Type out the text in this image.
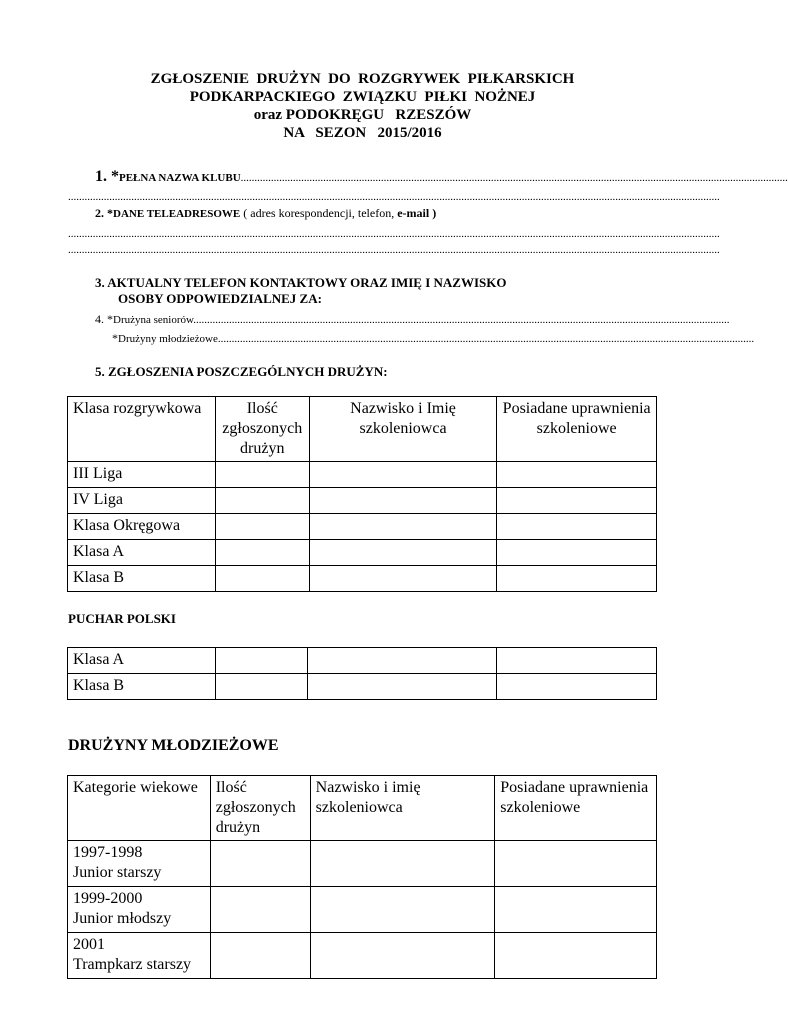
ZGŁOSZENIE  DRUŻYN  DO  ROZGRYWEK  PIŁKARSKICH
PODKARPACKIEGO  ZWIĄZKU  PIŁKI  NOŻNEJ
oraz PODOKRĘGU   RZESZÓW
NA   SEZON   2015/2016
1. *PEŁNA NAZWA KLUBU.......................................................................................................................................................................................................
.............................................................................................................................................................................................................................................
2. *DANE TELEADRESOWE ( adres korespondencji, telefon, e-mail )
.............................................................................................................................................................................................................................................
.............................................................................................................................................................................................................................................
3. AKTUALNY TELEFON KONTAKTOWY ORAZ IMIĘ I NAZWISKO
OSOBY ODPOWIEDZIALNEJ ZA:
4. *Drużyna seniorów...................................................................................................................................................................................................
*Drużyny młodzieżowe...................................................................................................................................................................................................
5. ZGŁOSZENIA POSZCZEGÓLNYCH DRUŻYN:
Klasa rozgrywkowa	Ilość zgłoszonych drużyn	Nazwisko i Imię szkoleniowca	Posiadane uprawnienia szkoleniowe
III Liga			
IV Liga			
Klasa Okręgowa			
Klasa A			
Klasa B			
PUCHAR POLSKI
Klasa A			
Klasa B			
DRUŻYNY MŁODZIEŻOWE
Kategorie wiekowe	Ilość zgłoszonych drużyn	Nazwisko i imię szkoleniowca	Posiadane uprawnienia szkoleniowe

1997-1998
Junior starszy			

1999-2000
Junior młodszy			

2001
Trampkarz starszy			
